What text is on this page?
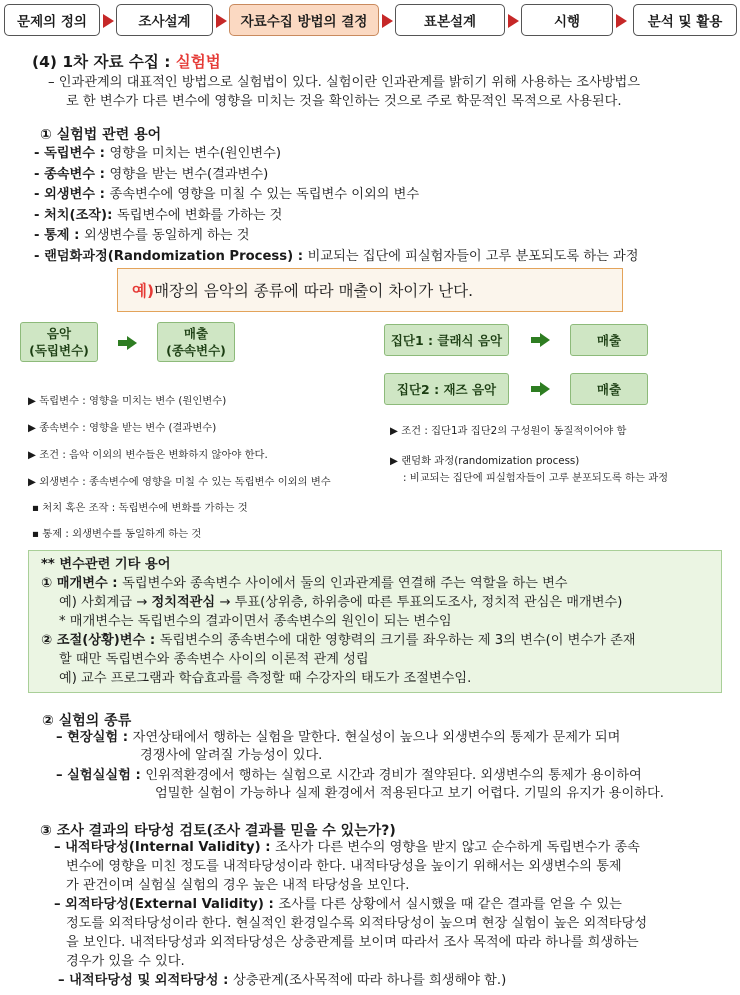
문제의 정의	조사설계	자료수집 방법의 결정	표본설계	시행	분석 및 활용
(4) 1차 자료 수집 : 실험법
– 인과관계의 대표적인 방법으로 실험법이 있다. 실험이란 인과관계를 밝히기 위해 사용하는 조사방법으
로 한 변수가 다른 변수에 영향을 미치는 것을 확인하는 것으로 주로 학문적인 목적으로 사용된다.
① 실험법 관련 용어
- 독립변수 : 영향을 미치는 변수(원인변수)
- 종속변수 : 영향을 받는 변수(결과변수)
- 외생변수 : 종속변수에 영향을 미칠 수 있는 독립변수 이외의 변수
- 처치(조작): 독립변수에 변화를 가하는 것
- 통제 : 외생변수를 동일하게 하는 것
- 랜덤화과정(Randomization Process) : 비교되는 집단에 피실험자들이 고루 분포되도록 하는 과정
예) 매장의 음악의 종류에 따라 매출이 차이가 난다.
음악
(독립변수)
매출
(종속변수)
집단1 : 클래식 음악	매출
집단2 : 재즈 음악	매출
▶ 독립변수 : 영향을 미치는 변수 (원인변수)
▶ 종속변수 : 영향을 받는 변수 (결과변수)
▶ 조건 : 음악 이외의 변수들은 변화하지 않아야 한다.
▶ 외생변수 : 종속변수에 영향을 미칠 수 있는 독립변수 이외의 변수
▪ 처치 혹은 조작 : 독립변수에 변화를 가하는 것
▪ 통제 : 외생변수를 동일하게 하는 것
▶ 조건 : 집단1과 집단2의 구성원이 동질적이어야 함
▶ 랜덤화 과정(randomization process)
: 비교되는 집단에 피실험자들이 고루 분포되도록 하는 과정
** 변수관련 기타 용어
① 매개변수 : 독립변수와 종속변수 사이에서 둘의 인과관계를 연결해 주는 역할을 하는 변수
예) 사회계급 → 정치적관심 → 투표(상위층, 하위층에 따른 투표의도조사, 정치적 관심은 매개변수)
* 매개변수는 독립변수의 결과이면서 종속변수의 원인이 되는 변수임
② 조절(상황)변수 : 독립변수의 종속변수에 대한 영향력의 크기를 좌우하는 제 3의 변수(이 변수가 존재
할 때만 독립변수와 종속변수 사이의 이론적 관계 성립
예) 교수 프로그램과 학습효과를 측정할 때 수강자의 태도가 조절변수임.
② 실험의 종류
– 현장실험 : 자연상태에서 행하는 실험을 말한다. 현실성이 높으나 외생변수의 통제가 문제가 되며
경쟁사에 알려질 가능성이 있다.
– 실험실실험 : 인위적환경에서 행하는 실험으로 시간과 경비가 절약된다. 외생변수의 통제가 용이하여
엄밀한 실험이 가능하나 실제 환경에서 적용된다고 보기 어렵다. 기밀의 유지가 용이하다.
③ 조사 결과의 타당성 검토(조사 결과를 믿을 수 있는가?)
– 내적타당성(Internal Validity) : 조사가 다른 변수의 영향을 받지 않고 순수하게 독립변수가 종속
변수에 영향을 미친 정도를 내적타당성이라 한다. 내적타당성을 높이기 위해서는 외생변수의 통제
가 관건이며 실험실 실험의 경우 높은 내적 타당성을 보인다.
– 외적타당성(External Validity) : 조사를 다른 상황에서 실시했을 때 같은 결과를 얻을 수 있는
정도를 외적타당성이라 한다. 현실적인 환경일수록 외적타당성이 높으며 현장 실험이 높은 외적타당성
을 보인다. 내적타당성과 외적타당성은 상충관계를 보이며 따라서 조사 목적에 따라 하나를 희생하는
경우가 있을 수 있다.
– 내적타당성 및 외적타당성 : 상충관계(조사목적에 따라 하나를 희생해야 함.)
